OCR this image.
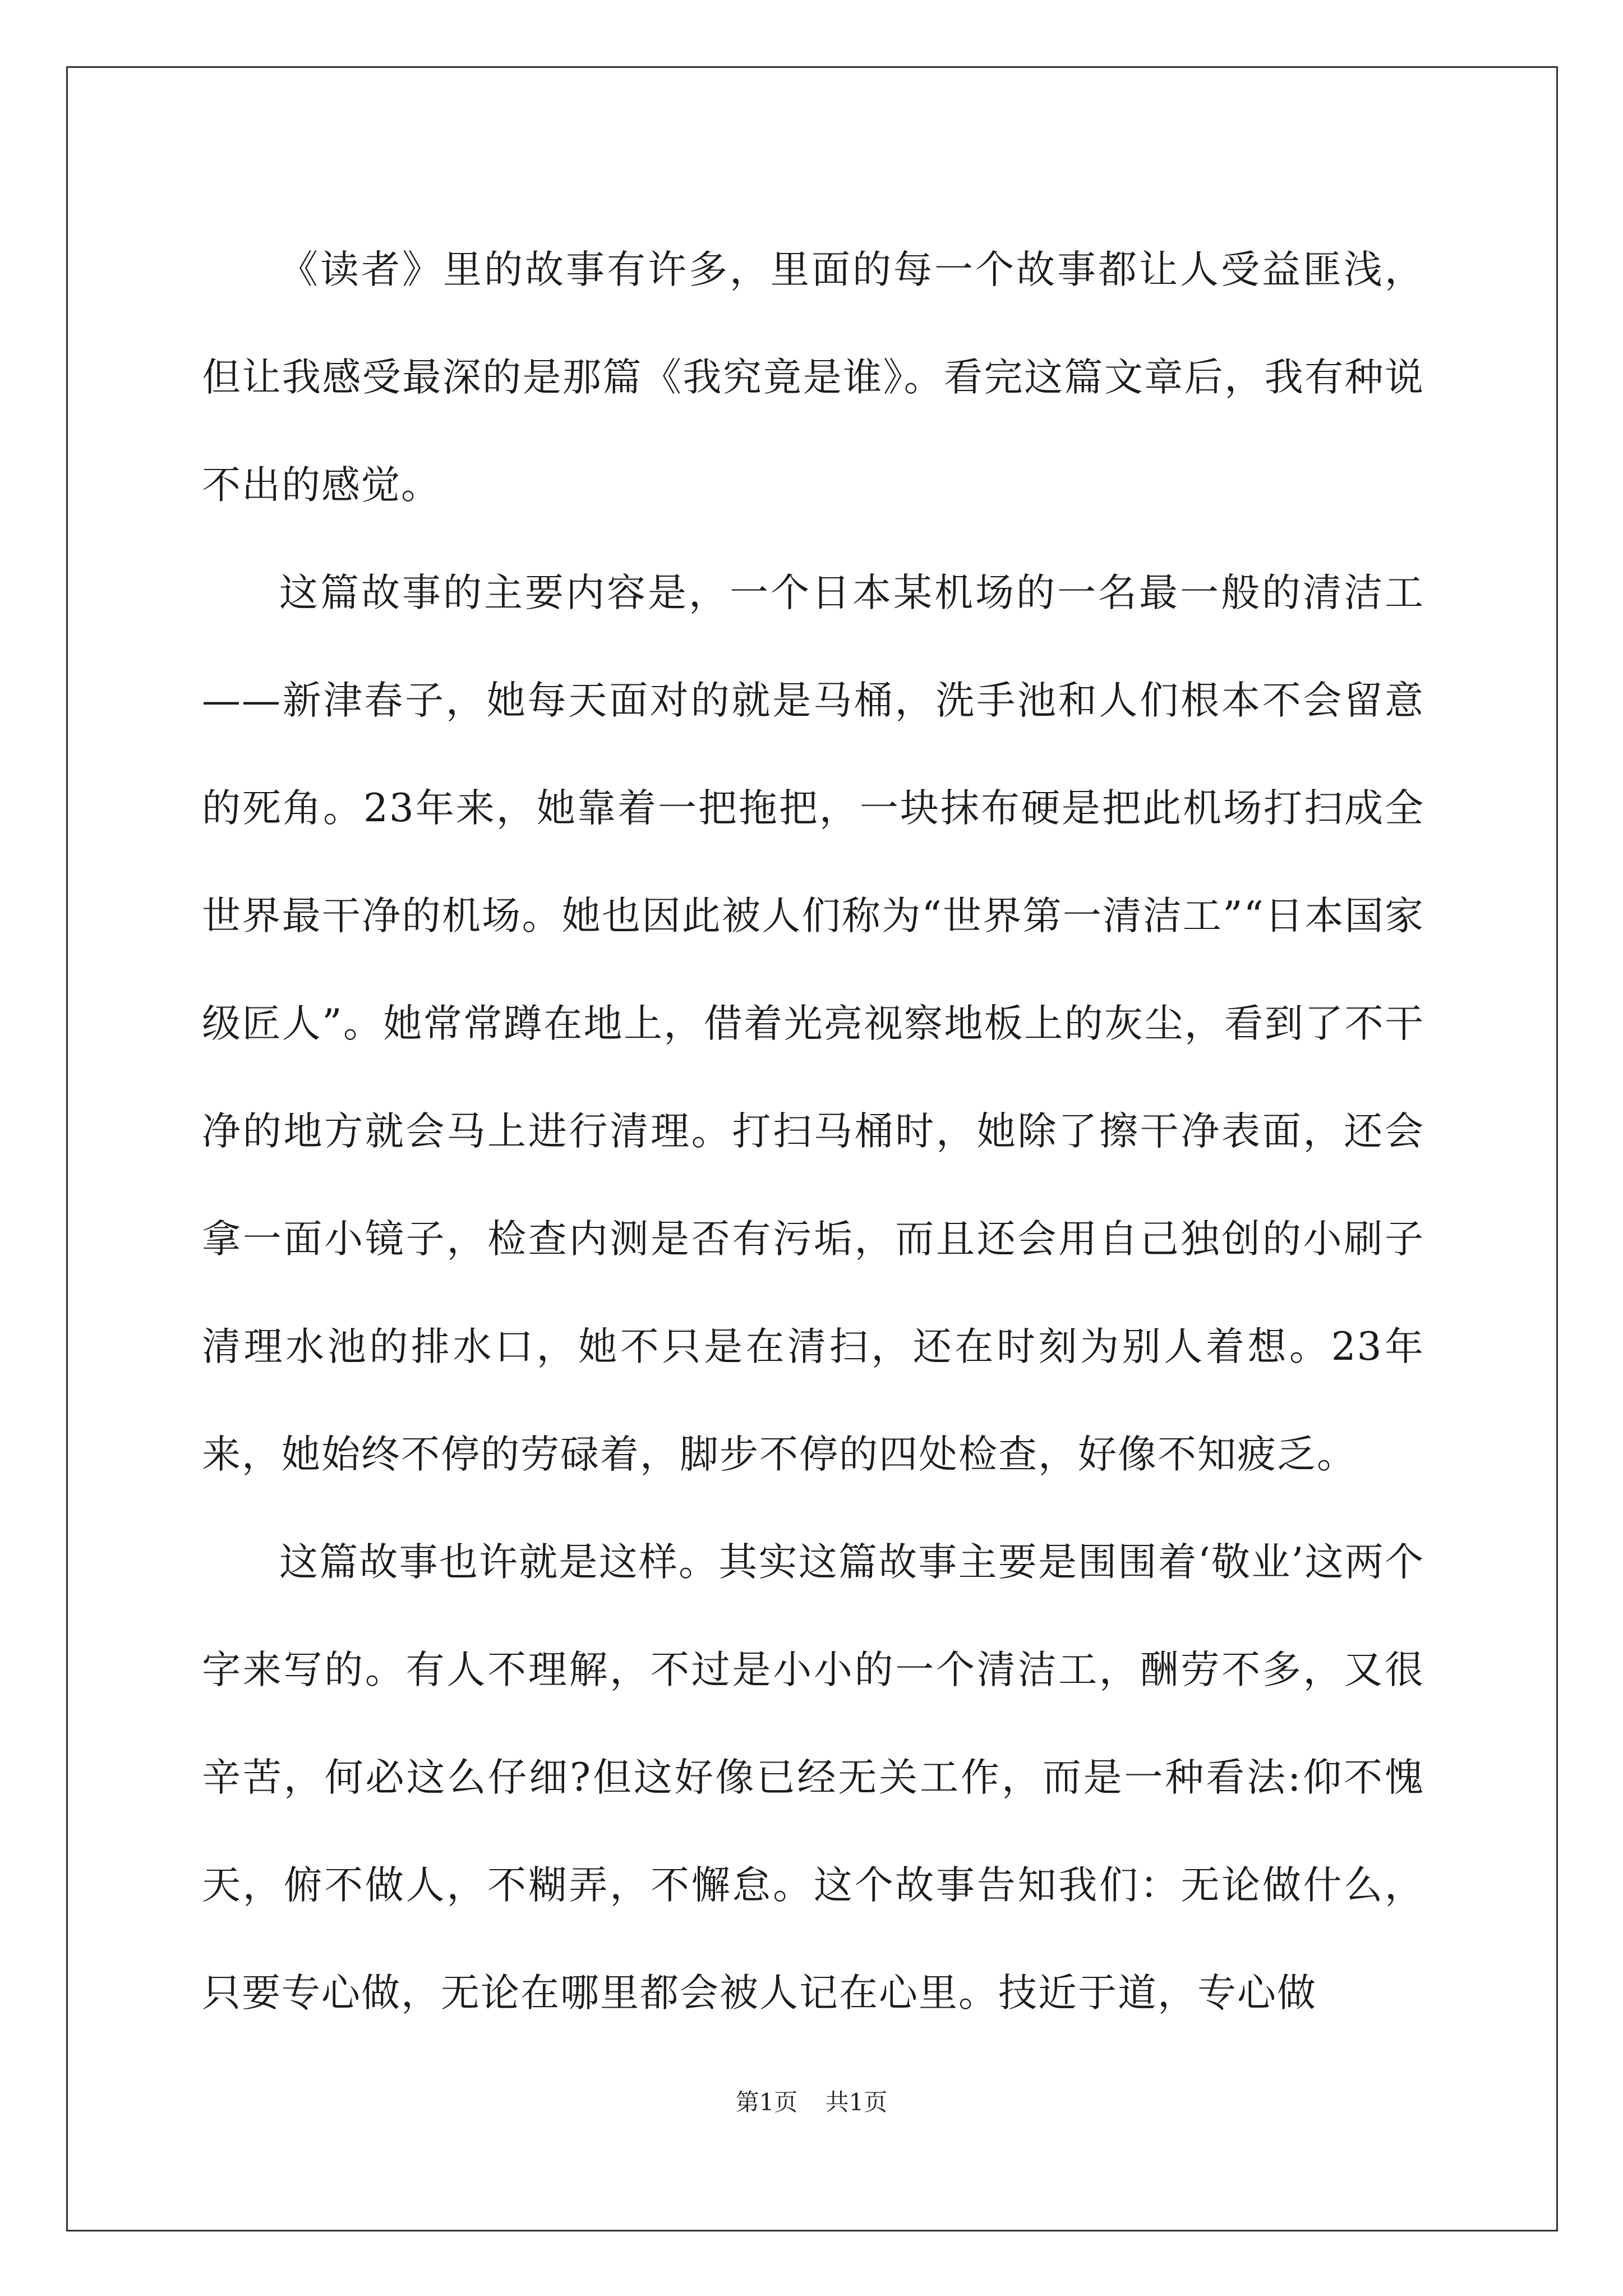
《读者》里的故事有许多，里面的每一个故事都让人受益匪浅，但让我感受最深的是那篇《我究竟是谁》。看完这篇文章后，我有种说不出的感觉。

这篇故事的主要内容是，一个日本某机场的一名最一般的清洁工——新津春子，她每天面对的就是马桶，洗手池和人们根本不会留意的死角。23年来，她靠着一把拖把，一块抹布硬是把此机场打扫成全世界最干净的机场。她也因此被人们称为“世界第一清洁工”“日本国家级匠人”。她常常蹲在地上，借着光亮视察地板上的灰尘，看到了不干净的地方就会马上进行清理。打扫马桶时，她除了擦干净表面，还会拿一面小镜子，检查内测是否有污垢，而且还会用自己独创的小刷子清理水池的排水口，她不只是在清扫，还在时刻为别人着想。23年来，她始终不停的劳碌着，脚步不停的四处检查，好像不知疲乏。

这篇故事也许就是这样。其实这篇故事主要是围围着‘敬业’这两个字来写的。有人不理解，不过是小小的一个清洁工，酬劳不多，又很辛苦，何必这么仔细?但这好像已经无关工作，而是一种看法:仰不愧天，俯不做人，不糊弄，不懈怠。这个故事告知我们：无论做什么，只要专心做，无论在哪里都会被人记在心里。技近于道，专心做

第1页 共1页
